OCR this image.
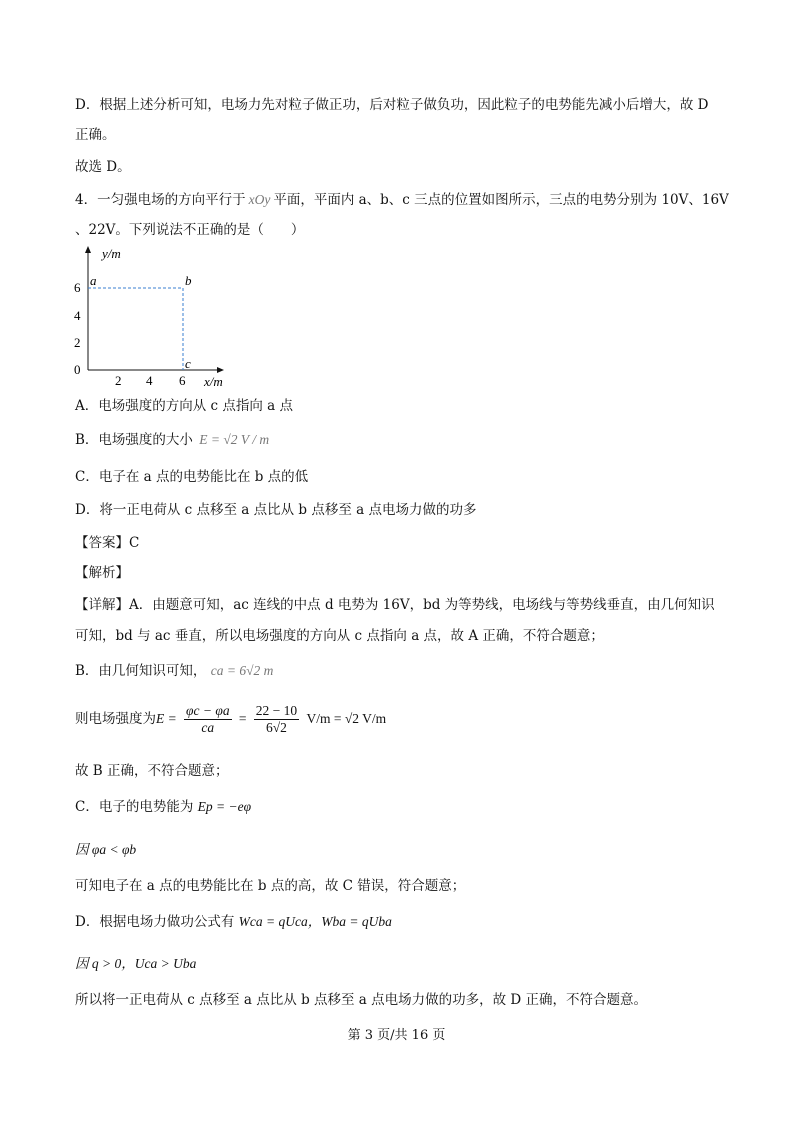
D．根据上述分析可知，电场力先对粒子做正功，后对粒子做负功，因此粒子的电势能先减小后增大，故 D
正确。
故选 D。
4．一匀强电场的方向平行于 xOy 平面，平面内 a、b、c 三点的位置如图所示，三点的电势分别为 10V、16V
、22V。下列说法不正确的是（　　）
y/m
x/m
6
4
2
0
2 4 6
a	b
c
A．电场强度的方向从 c 点指向 a 点
B．电场强度的大小 E = √2 V / m
C．电子在 a 点的电势能比在 b 点的低
D．将一正电荷从 c 点移至 a 点比从 b 点移至 a 点电场力做的功多
【答案】C
【解析】
【详解】A．由题意可知，ac 连线的中点 d 电势为 16V，bd 为等势线，电场线与等势线垂直，由几何知识
可知，bd 与 ac 垂直，所以电场强度的方向从 c 点指向 a 点，故 A 正确，不符合题意；
B．由几何知识可知， ca = 6√2 m
则电场强度为$E = \frac{\varphi c - \varphi a}{ca} = \frac{22 - 10}{6√2} V/m = √2$ V/m
故 B 正确，不符合题意；
C．电子的电势能为 Ep = −eφ
因 φa < φb
可知电子在 a 点的电势能比在 b 点的高，故 C 错误，符合题意；
D．根据电场力做功公式有 Wca = qUca，Wba = qUba
因 q > 0，Uca > Uba
所以将一正电荷从 c 点移至 a 点比从 b 点移至 a 点电场力做的功多，故 D 正确，不符合题意。
第 3 页/共 16 页
